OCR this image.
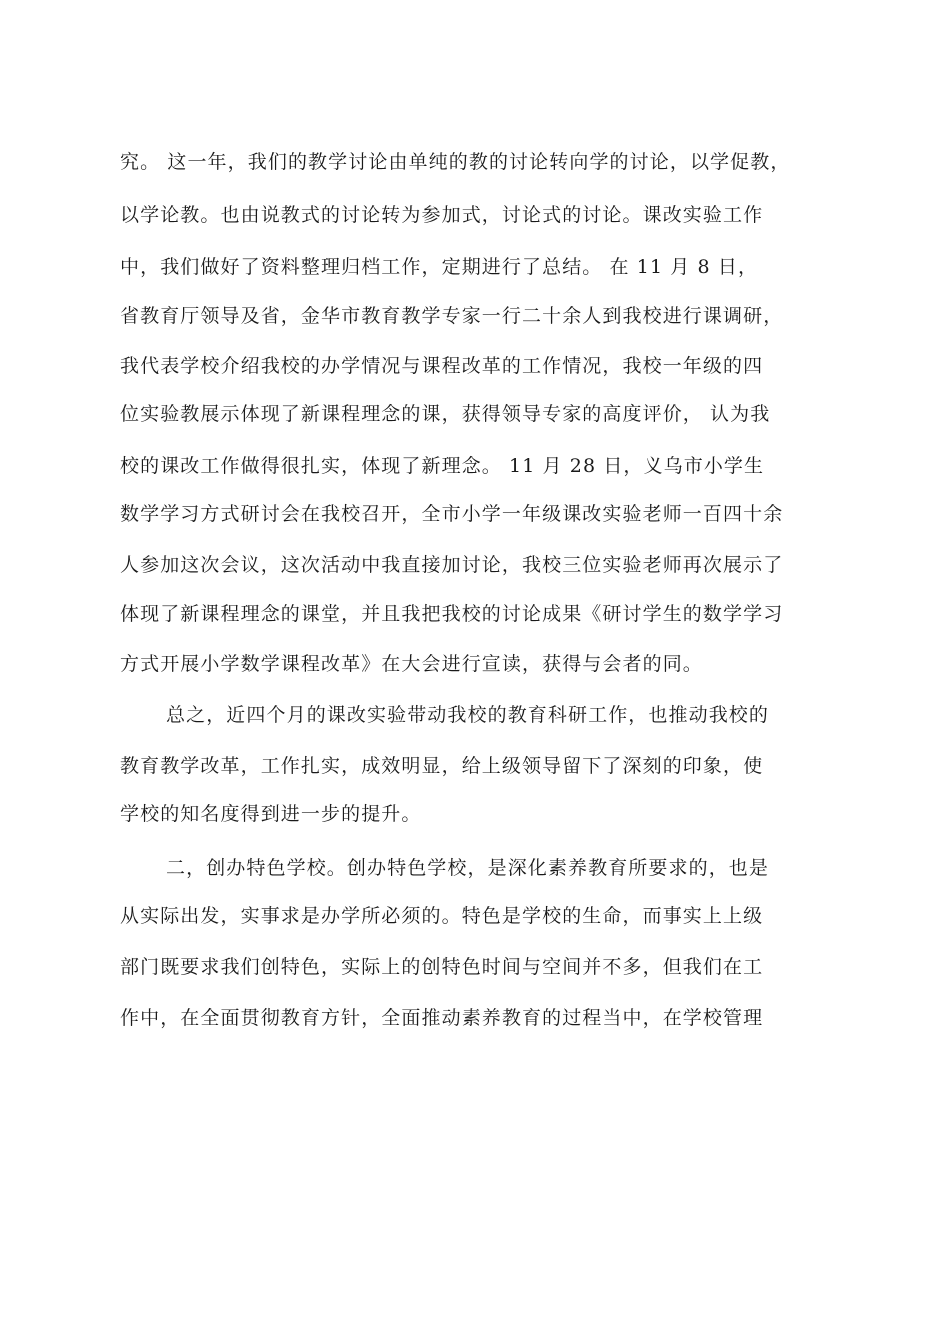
究。 这一年，我们的教学讨论由单纯的教的讨论转向学的讨论，以学促教，
以学论教。也由说教式的讨论转为参加式，讨论式的讨论。课改实验工作
中，我们做好了资料整理归档工作，定期进行了总结。 在 11 月 8 日，
省教育厅领导及省，金华市教育教学专家一行二十余人到我校进行课调研，
我代表学校介绍我校的办学情况与课程改革的工作情况，我校一年级的四
位实验教展示体现了新课程理念的课，获得领导专家的高度评价， 认为我
校的课改工作做得很扎实，体现了新理念。 11 月 28 日，义乌市小学生
数学学习方式研讨会在我校召开，全市小学一年级课改实验老师一百四十余
人参加这次会议，这次活动中我直接加讨论，我校三位实验老师再次展示了
体现了新课程理念的课堂，并且我把我校的讨论成果《研讨学生的数学学习
方式开展小学数学课程改革》在大会进行宣读，获得与会者的同。
总之，近四个月的课改实验带动我校的教育科研工作，也推动我校的
教育教学改革，工作扎实，成效明显，给上级领导留下了深刻的印象，使
学校的知名度得到进一步的提升。
二，创办特色学校。创办特色学校，是深化素养教育所要求的，也是
从实际出发，实事求是办学所必须的。特色是学校的生命，而事实上上级
部门既要求我们创特色，实际上的创特色时间与空间并不多，但我们在工
作中，在全面贯彻教育方针，全面推动素养教育的过程当中，在学校管理
